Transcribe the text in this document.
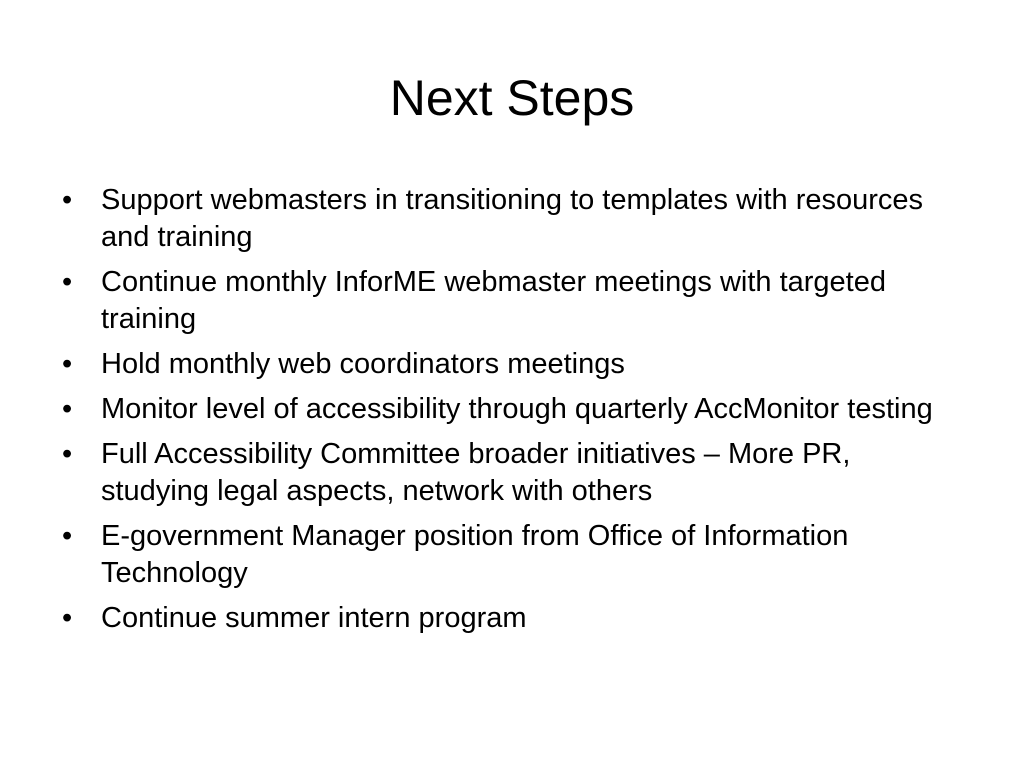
Next Steps
• Support webmasters in transitioning to templates with resources and training
• Continue monthly InforME webmaster meetings with targeted training
• Hold monthly web coordinators meetings
• Monitor level of accessibility through quarterly AccMonitor testing
• Full Accessibility Committee broader initiatives – More PR, studying legal aspects, network with others
• E-government Manager position from Office of Information Technology
• Continue summer intern program
